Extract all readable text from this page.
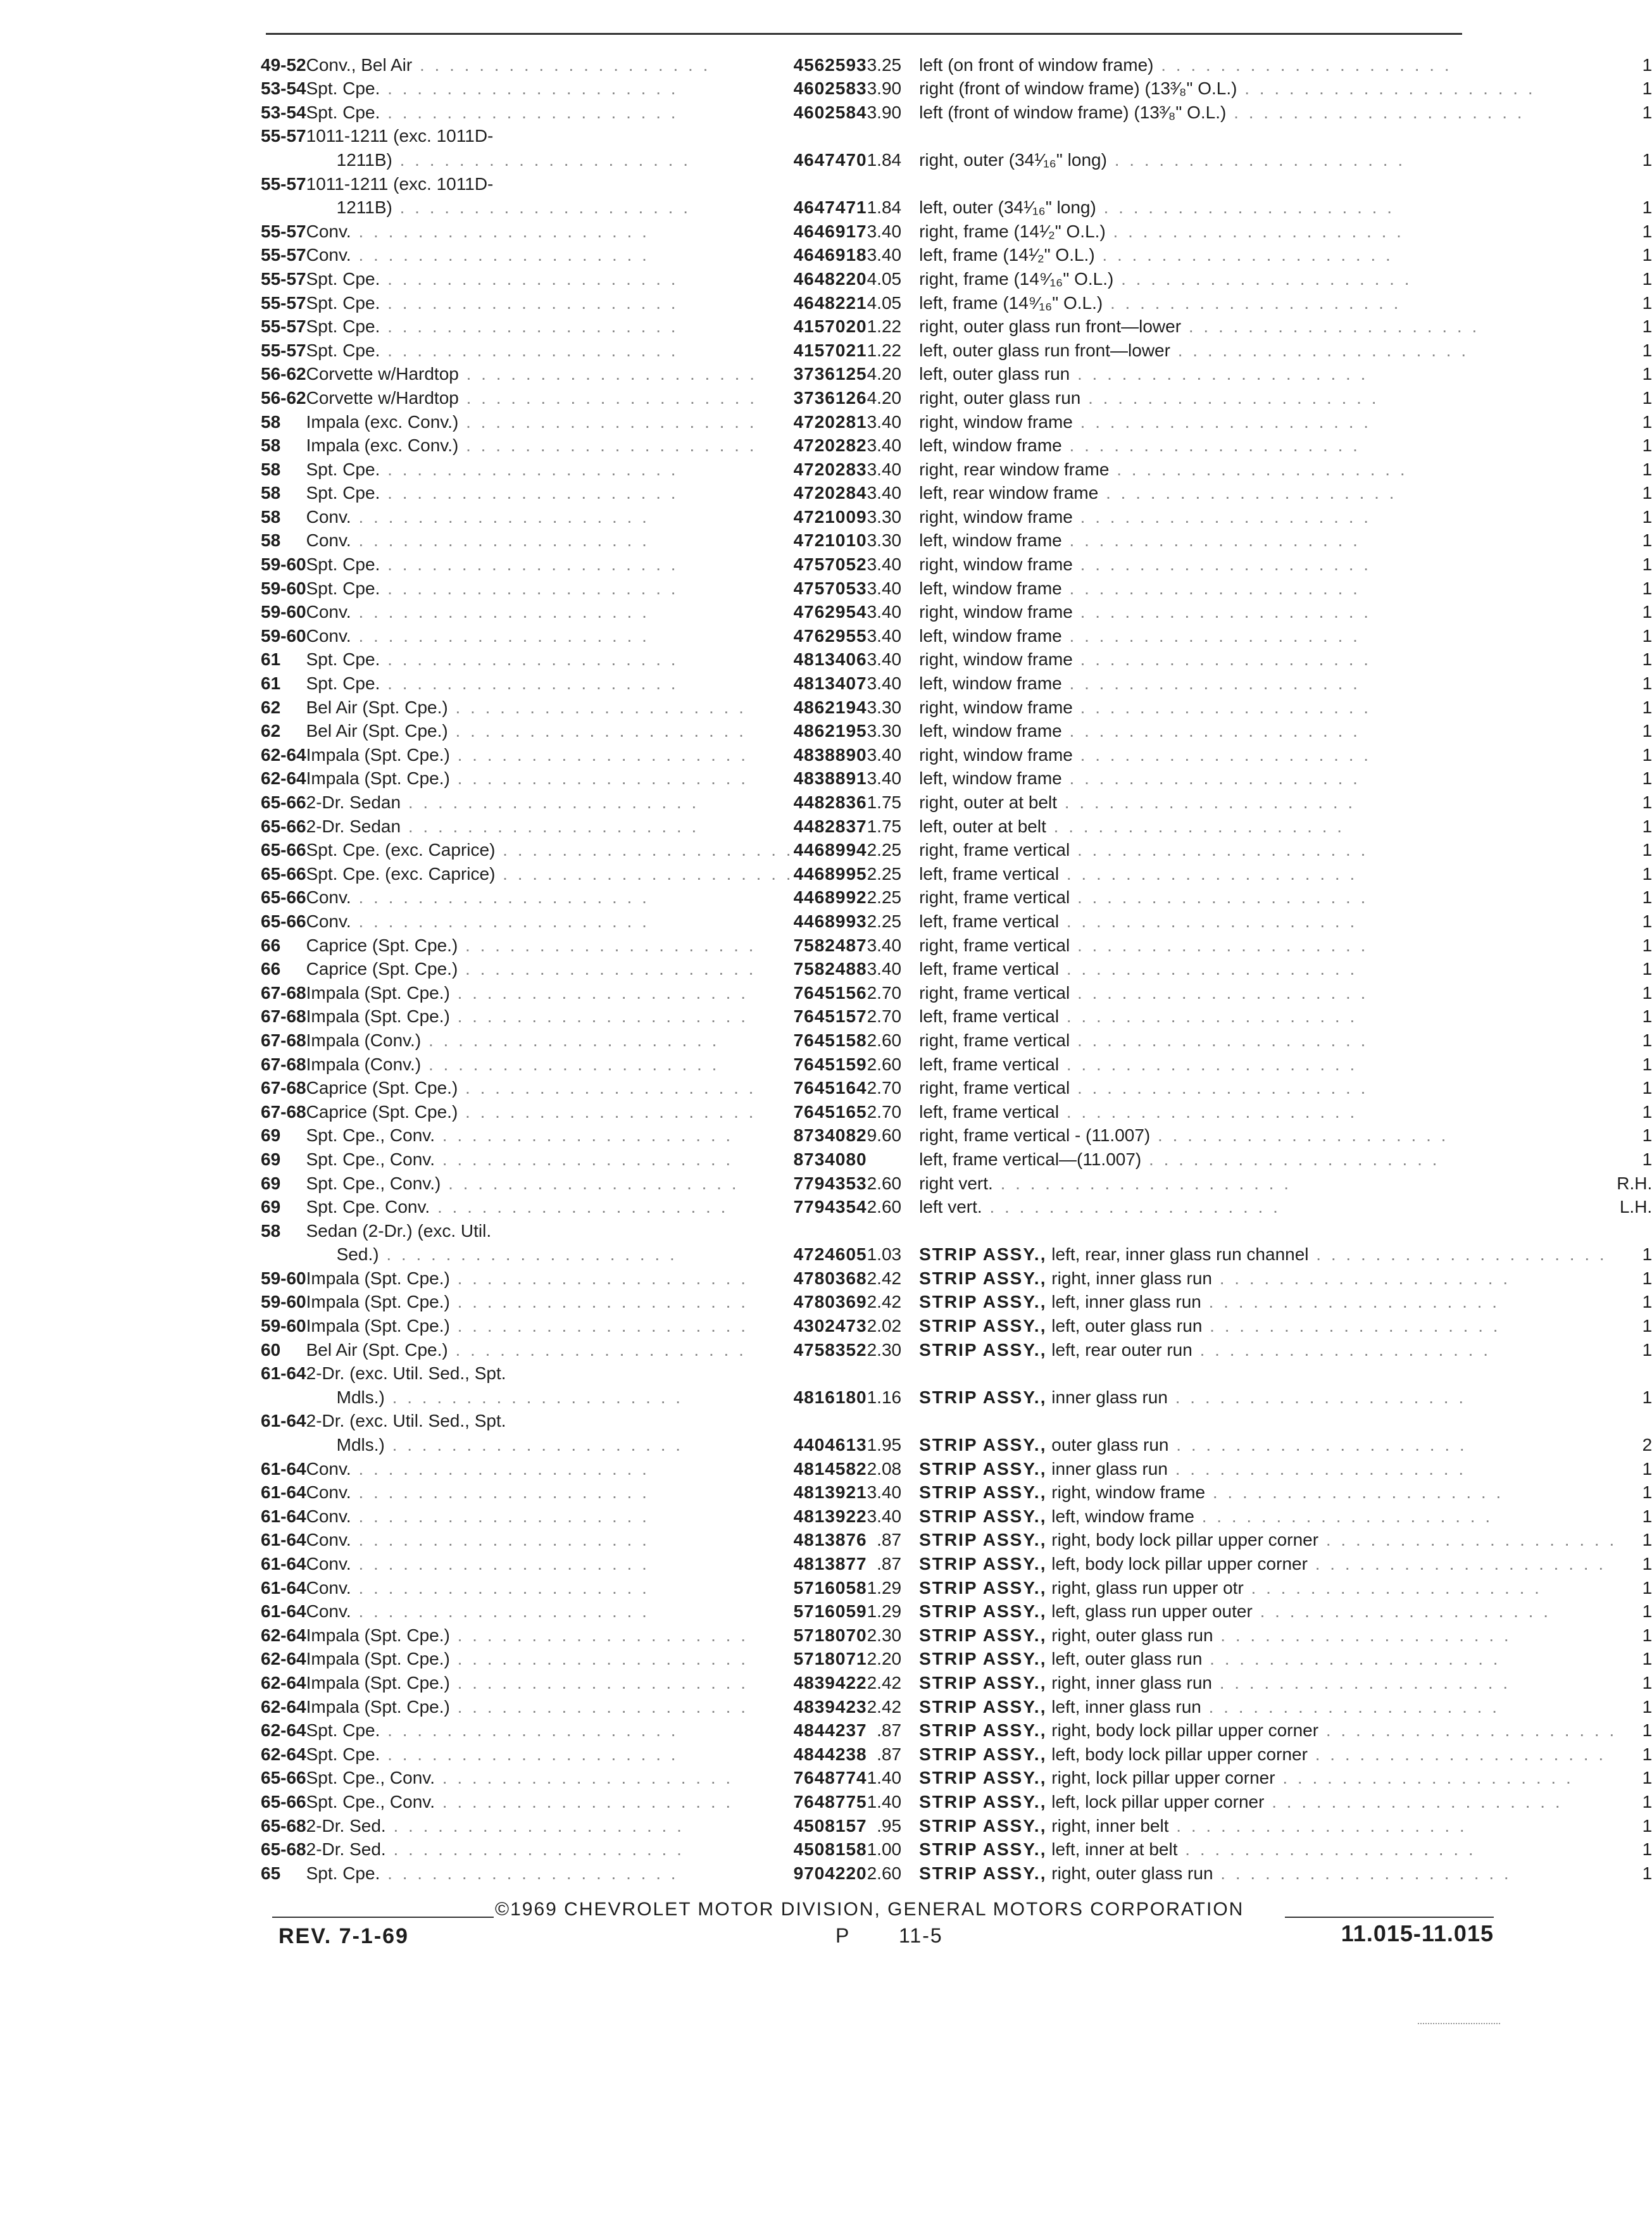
49-52	Conv., Bel Air . . . . . . . . . . . . . . . . . . . .	4562593	3.25	left (on front of window frame) . . . . . . . . . . . . . . . . . . . .	1
53-54	Spt. Cpe. . . . . . . . . . . . . . . . . . . . .	4602583	3.90	right (front of window frame) (13³⁄₈" O.L.) . . . . . . . . . . . . . . . . . . . .	1
53-54	Spt. Cpe. . . . . . . . . . . . . . . . . . . . .	4602584	3.90	left (front of window frame) (13³⁄₈" O.L.) . . . . . . . . . . . . . . . . . . . .	1
55-57	1011-1211 (exc. 1011D-				
	1211B) . . . . . . . . . . . . . . . . . . . .	4647470	1.84	right, outer (34¹⁄₁₆" long) . . . . . . . . . . . . . . . . . . . .	1
55-57	1011-1211 (exc. 1011D-				
	1211B) . . . . . . . . . . . . . . . . . . . .	4647471	1.84	left, outer (34¹⁄₁₆" long) . . . . . . . . . . . . . . . . . . . .	1
55-57	Conv. . . . . . . . . . . . . . . . . . . . .	4646917	3.40	right, frame (14¹⁄₂" O.L.) . . . . . . . . . . . . . . . . . . . .	1
55-57	Conv. . . . . . . . . . . . . . . . . . . . .	4646918	3.40	left, frame (14¹⁄₂" O.L.) . . . . . . . . . . . . . . . . . . . .	1
55-57	Spt. Cpe. . . . . . . . . . . . . . . . . . . . .	4648220	4.05	right, frame (14⁹⁄₁₆" O.L.) . . . . . . . . . . . . . . . . . . . .	1
55-57	Spt. Cpe. . . . . . . . . . . . . . . . . . . . .	4648221	4.05	left, frame (14⁹⁄₁₆" O.L.) . . . . . . . . . . . . . . . . . . . .	1
55-57	Spt. Cpe. . . . . . . . . . . . . . . . . . . . .	4157020	1.22	right, outer glass run front—lower . . . . . . . . . . . . . . . . . . . .	1
55-57	Spt. Cpe. . . . . . . . . . . . . . . . . . . . .	4157021	1.22	left, outer glass run front—lower . . . . . . . . . . . . . . . . . . . .	1
56-62	Corvette w/Hardtop . . . . . . . . . . . . . . . . . . . .	3736125	4.20	left, outer glass run . . . . . . . . . . . . . . . . . . . .	1
56-62	Corvette w/Hardtop . . . . . . . . . . . . . . . . . . . .	3736126	4.20	right, outer glass run . . . . . . . . . . . . . . . . . . . .	1
58	Impala (exc. Conv.) . . . . . . . . . . . . . . . . . . . .	4720281	3.40	right, window frame . . . . . . . . . . . . . . . . . . . .	1
58	Impala (exc. Conv.) . . . . . . . . . . . . . . . . . . . .	4720282	3.40	left, window frame . . . . . . . . . . . . . . . . . . . .	1
58	Spt. Cpe. . . . . . . . . . . . . . . . . . . . .	4720283	3.40	right, rear window frame . . . . . . . . . . . . . . . . . . . .	1
58	Spt. Cpe. . . . . . . . . . . . . . . . . . . . .	4720284	3.40	left, rear window frame . . . . . . . . . . . . . . . . . . . .	1
58	Conv. . . . . . . . . . . . . . . . . . . . .	4721009	3.30	right, window frame . . . . . . . . . . . . . . . . . . . .	1
58	Conv. . . . . . . . . . . . . . . . . . . . .	4721010	3.30	left, window frame . . . . . . . . . . . . . . . . . . . .	1
59-60	Spt. Cpe. . . . . . . . . . . . . . . . . . . . .	4757052	3.40	right, window frame . . . . . . . . . . . . . . . . . . . .	1
59-60	Spt. Cpe. . . . . . . . . . . . . . . . . . . . .	4757053	3.40	left, window frame . . . . . . . . . . . . . . . . . . . .	1
59-60	Conv. . . . . . . . . . . . . . . . . . . . .	4762954	3.40	right, window frame . . . . . . . . . . . . . . . . . . . .	1
59-60	Conv. . . . . . . . . . . . . . . . . . . . .	4762955	3.40	left, window frame . . . . . . . . . . . . . . . . . . . .	1
61	Spt. Cpe. . . . . . . . . . . . . . . . . . . . .	4813406	3.40	right, window frame . . . . . . . . . . . . . . . . . . . .	1
61	Spt. Cpe. . . . . . . . . . . . . . . . . . . . .	4813407	3.40	left, window frame . . . . . . . . . . . . . . . . . . . .	1
62	Bel Air (Spt. Cpe.) . . . . . . . . . . . . . . . . . . . .	4862194	3.30	right, window frame . . . . . . . . . . . . . . . . . . . .	1
62	Bel Air (Spt. Cpe.) . . . . . . . . . . . . . . . . . . . .	4862195	3.30	left, window frame . . . . . . . . . . . . . . . . . . . .	1
62-64	Impala (Spt. Cpe.) . . . . . . . . . . . . . . . . . . . .	4838890	3.40	right, window frame . . . . . . . . . . . . . . . . . . . .	1
62-64	Impala (Spt. Cpe.) . . . . . . . . . . . . . . . . . . . .	4838891	3.40	left, window frame . . . . . . . . . . . . . . . . . . . .	1
65-66	2-Dr. Sedan . . . . . . . . . . . . . . . . . . . .	4482836	1.75	right, outer at belt . . . . . . . . . . . . . . . . . . . .	1
65-66	2-Dr. Sedan . . . . . . . . . . . . . . . . . . . .	4482837	1.75	left, outer at belt . . . . . . . . . . . . . . . . . . . .	1
65-66	Spt. Cpe. (exc. Caprice) . . . . . . . . . . . . . . . . . . . .	4468994	2.25	right, frame vertical . . . . . . . . . . . . . . . . . . . .	1
65-66	Spt. Cpe. (exc. Caprice) . . . . . . . . . . . . . . . . . . . .	4468995	2.25	left, frame vertical . . . . . . . . . . . . . . . . . . . .	1
65-66	Conv. . . . . . . . . . . . . . . . . . . . .	4468992	2.25	right, frame vertical . . . . . . . . . . . . . . . . . . . .	1
65-66	Conv. . . . . . . . . . . . . . . . . . . . .	4468993	2.25	left, frame vertical . . . . . . . . . . . . . . . . . . . .	1
66	Caprice (Spt. Cpe.) . . . . . . . . . . . . . . . . . . . .	7582487	3.40	right, frame vertical . . . . . . . . . . . . . . . . . . . .	1
66	Caprice (Spt. Cpe.) . . . . . . . . . . . . . . . . . . . .	7582488	3.40	left, frame vertical . . . . . . . . . . . . . . . . . . . .	1
67-68	Impala (Spt. Cpe.) . . . . . . . . . . . . . . . . . . . .	7645156	2.70	right, frame vertical . . . . . . . . . . . . . . . . . . . .	1
67-68	Impala (Spt. Cpe.) . . . . . . . . . . . . . . . . . . . .	7645157	2.70	left, frame vertical . . . . . . . . . . . . . . . . . . . .	1
67-68	Impala (Conv.) . . . . . . . . . . . . . . . . . . . .	7645158	2.60	right, frame vertical . . . . . . . . . . . . . . . . . . . .	1
67-68	Impala (Conv.) . . . . . . . . . . . . . . . . . . . .	7645159	2.60	left, frame vertical . . . . . . . . . . . . . . . . . . . .	1
67-68	Caprice (Spt. Cpe.) . . . . . . . . . . . . . . . . . . . .	7645164	2.70	right, frame vertical . . . . . . . . . . . . . . . . . . . .	1
67-68	Caprice (Spt. Cpe.) . . . . . . . . . . . . . . . . . . . .	7645165	2.70	left, frame vertical . . . . . . . . . . . . . . . . . . . .	1
69	Spt. Cpe., Conv. . . . . . . . . . . . . . . . . . . . .	8734082	9.60	right, frame vertical - (11.007) . . . . . . . . . . . . . . . . . . . .	1
69	Spt. Cpe., Conv. . . . . . . . . . . . . . . . . . . . .	8734080		left, frame vertical—(11.007) . . . . . . . . . . . . . . . . . . . .	1
69	Spt. Cpe., Conv.) . . . . . . . . . . . . . . . . . . . .	7794353	2.60	right vert. . . . . . . . . . . . . . . . . . . . .	R.H.
69	Spt. Cpe. Conv. . . . . . . . . . . . . . . . . . . . .	7794354	2.60	left vert. . . . . . . . . . . . . . . . . . . . .	L.H.
58	Sedan (2-Dr.) (exc. Util.				
	Sed.) . . . . . . . . . . . . . . . . . . . .	4724605	1.03	STRIP ASSY., left, rear, inner glass run channel . . . . . . . . . . . . . . . . . . . .	1
59-60	Impala (Spt. Cpe.) . . . . . . . . . . . . . . . . . . . .	4780368	2.42	STRIP ASSY., right, inner glass run . . . . . . . . . . . . . . . . . . . .	1
59-60	Impala (Spt. Cpe.) . . . . . . . . . . . . . . . . . . . .	4780369	2.42	STRIP ASSY., left, inner glass run . . . . . . . . . . . . . . . . . . . .	1
59-60	Impala (Spt. Cpe.) . . . . . . . . . . . . . . . . . . . .	4302473	2.02	STRIP ASSY., left, outer glass run . . . . . . . . . . . . . . . . . . . .	1
60	Bel Air (Spt. Cpe.) . . . . . . . . . . . . . . . . . . . .	4758352	2.30	STRIP ASSY., left, rear outer run . . . . . . . . . . . . . . . . . . . .	1
61-64	2-Dr. (exc. Util. Sed., Spt.				
	Mdls.) . . . . . . . . . . . . . . . . . . . .	4816180	1.16	STRIP ASSY., inner glass run . . . . . . . . . . . . . . . . . . . .	1
61-64	2-Dr. (exc. Util. Sed., Spt.				
	Mdls.) . . . . . . . . . . . . . . . . . . . .	4404613	1.95	STRIP ASSY., outer glass run . . . . . . . . . . . . . . . . . . . .	2
61-64	Conv. . . . . . . . . . . . . . . . . . . . .	4814582	2.08	STRIP ASSY., inner glass run . . . . . . . . . . . . . . . . . . . .	1
61-64	Conv. . . . . . . . . . . . . . . . . . . . .	4813921	3.40	STRIP ASSY., right, window frame . . . . . . . . . . . . . . . . . . . .	1
61-64	Conv. . . . . . . . . . . . . . . . . . . . .	4813922	3.40	STRIP ASSY., left, window frame . . . . . . . . . . . . . . . . . . . .	1
61-64	Conv. . . . . . . . . . . . . . . . . . . . .	4813876	.87	STRIP ASSY., right, body lock pillar upper corner . . . . . . . . . . . . . . . . . . . .	1
61-64	Conv. . . . . . . . . . . . . . . . . . . . .	4813877	.87	STRIP ASSY., left, body lock pillar upper corner . . . . . . . . . . . . . . . . . . . .	1
61-64	Conv. . . . . . . . . . . . . . . . . . . . .	5716058	1.29	STRIP ASSY., right, glass run upper otr . . . . . . . . . . . . . . . . . . . .	1
61-64	Conv. . . . . . . . . . . . . . . . . . . . .	5716059	1.29	STRIP ASSY., left, glass run upper outer . . . . . . . . . . . . . . . . . . . .	1
62-64	Impala (Spt. Cpe.) . . . . . . . . . . . . . . . . . . . .	5718070	2.30	STRIP ASSY., right, outer glass run . . . . . . . . . . . . . . . . . . . .	1
62-64	Impala (Spt. Cpe.) . . . . . . . . . . . . . . . . . . . .	5718071	2.20	STRIP ASSY., left, outer glass run . . . . . . . . . . . . . . . . . . . .	1
62-64	Impala (Spt. Cpe.) . . . . . . . . . . . . . . . . . . . .	4839422	2.42	STRIP ASSY., right, inner glass run . . . . . . . . . . . . . . . . . . . .	1
62-64	Impala (Spt. Cpe.) . . . . . . . . . . . . . . . . . . . .	4839423	2.42	STRIP ASSY., left, inner glass run . . . . . . . . . . . . . . . . . . . .	1
62-64	Spt. Cpe. . . . . . . . . . . . . . . . . . . . .	4844237	.87	STRIP ASSY., right, body lock pillar upper corner . . . . . . . . . . . . . . . . . . . .	1
62-64	Spt. Cpe. . . . . . . . . . . . . . . . . . . . .	4844238	.87	STRIP ASSY., left, body lock pillar upper corner . . . . . . . . . . . . . . . . . . . .	1
65-66	Spt. Cpe., Conv. . . . . . . . . . . . . . . . . . . . .	7648774	1.40	STRIP ASSY., right, lock pillar upper corner . . . . . . . . . . . . . . . . . . . .	1
65-66	Spt. Cpe., Conv. . . . . . . . . . . . . . . . . . . . .	7648775	1.40	STRIP ASSY., left, lock pillar upper corner . . . . . . . . . . . . . . . . . . . .	1
65-68	2-Dr. Sed. . . . . . . . . . . . . . . . . . . . .	4508157	.95	STRIP ASSY., right, inner belt . . . . . . . . . . . . . . . . . . . .	1
65-68	2-Dr. Sed. . . . . . . . . . . . . . . . . . . . .	4508158	1.00	STRIP ASSY., left, inner at belt . . . . . . . . . . . . . . . . . . . .	1
65	Spt. Cpe. . . . . . . . . . . . . . . . . . . . .	9704220	2.60	STRIP ASSY., right, outer glass run . . . . . . . . . . . . . . . . . . . .	1
©1969 CHEVROLET MOTOR DIVISION, GENERAL MOTORS CORPORATION
REV. 7-1-69	P 11-5	11.015-11.015
